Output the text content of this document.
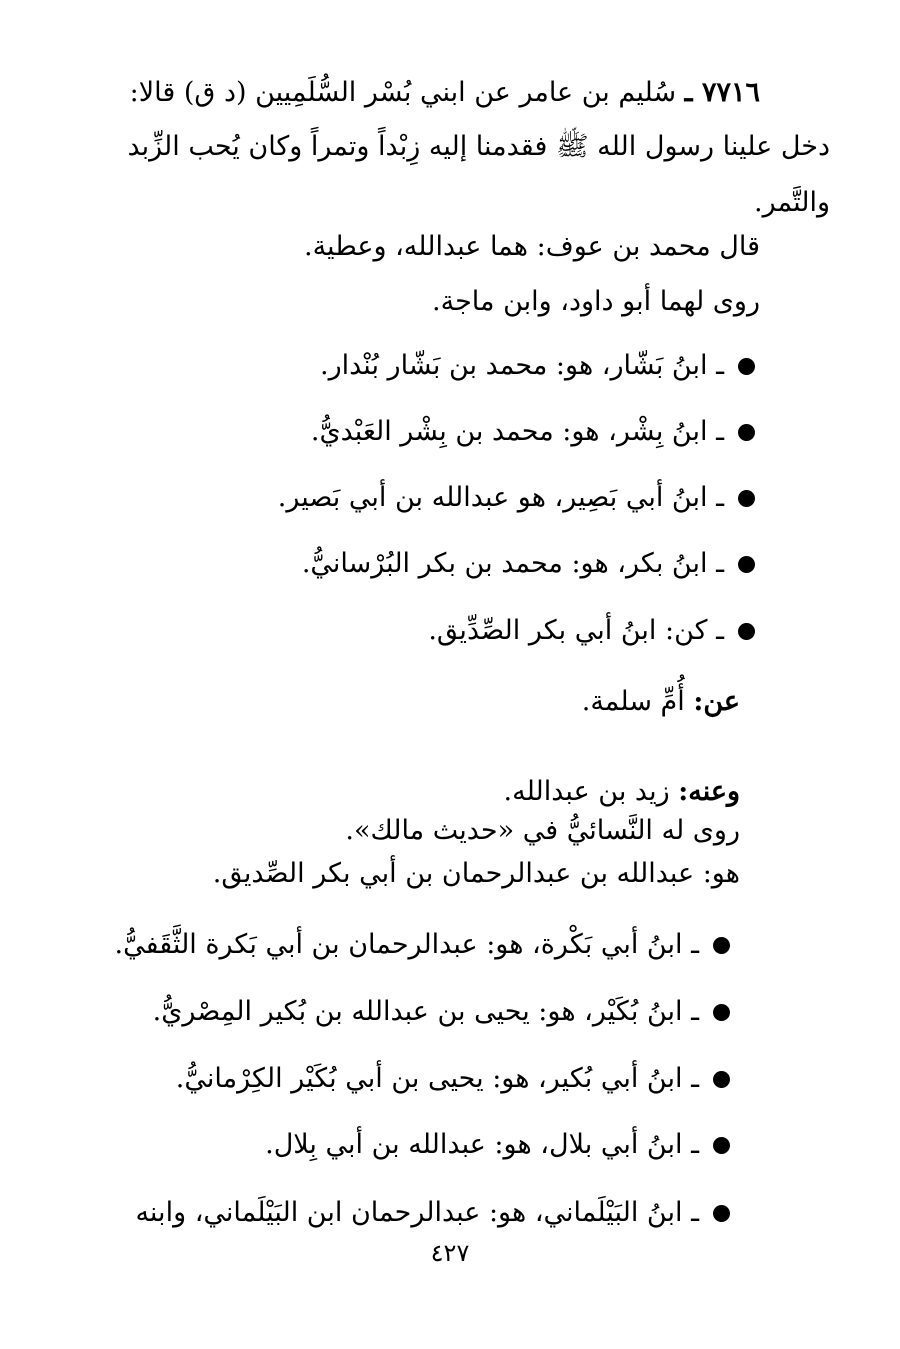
٧٧١٦ ـ سُليم بن عامر عن ابني بُسْر السُّلَمِيين (د ق) قالا:
دخل علينا رسول الله ﷺ فقدمنا إليه زِبْداً وتمراً وكان يُحب الزِّبد
والتَّمر.
قال محمد بن عوف: هما عبدالله، وعطية.
روى لهما أبو داود، وابن ماجة.
ـ ابنُ بَشّار، هو: محمد بن بَشّار بُنْدار.
ـ ابنُ بِشْر، هو: محمد بن بِشْر العَبْديُّ.
ـ ابنُ أبي بَصِير، هو عبدالله بن أبي بَصير.
ـ ابنُ بكر، هو: محمد بن بكر البُرْسانيُّ.
ـ كن: ابنُ أبي بكر الصِّدِّيق.
عن: أُمِّ سلمة.
وعنه: زيد بن عبدالله.
روى له النَّسائيُّ في «حديث مالك».
هو: عبدالله بن عبدالرحمان بن أبي بكر الصِّديق.
ـ ابنُ أبي بَكْرة، هو: عبدالرحمان بن أبي بَكرة الثَّقَفيُّ.
ـ ابنُ بُكَيْر، هو: يحيى بن عبدالله بن بُكير المِصْريُّ.
ـ ابنُ أبي بُكير، هو: يحيى بن أبي بُكَيْر الكِرْمانيُّ.
ـ ابنُ أبي بلال، هو: عبدالله بن أبي بِلال.
ـ ابنُ البَيْلَماني، هو: عبدالرحمان ابن البَيْلَماني، وابنه
٤٢٧
